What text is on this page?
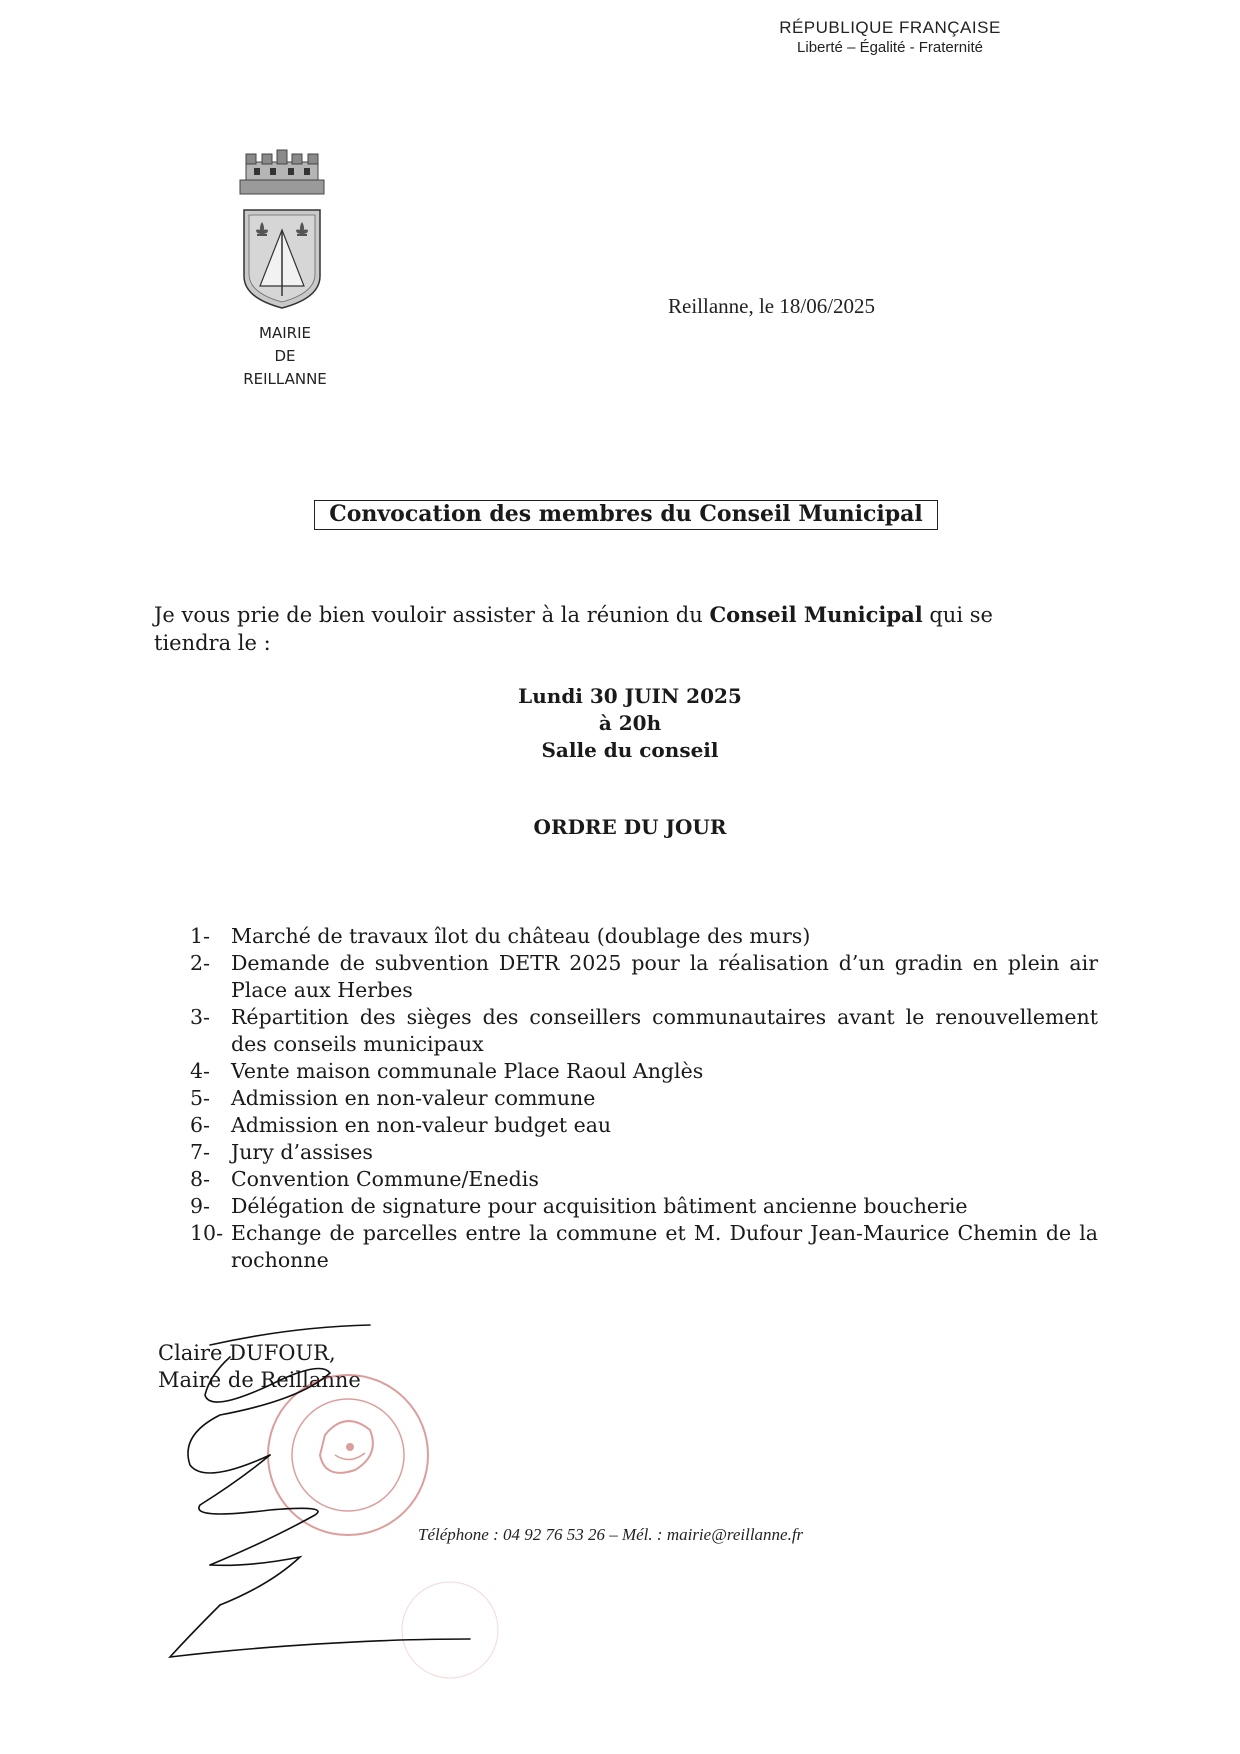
RÉPUBLIQUE FRANÇAISE
Liberté – Égalité - Fraternité
MAIRIE
DE
REILLANNE
Reillanne, le 18/06/2025
Convocation des membres du Conseil Municipal
Je vous prie de bien vouloir assister à la réunion du Conseil Municipal qui se tiendra le :
Lundi 30 JUIN 2025
à 20h
Salle du conseil
ORDRE DU JOUR
1- Marché de travaux îlot du château (doublage des murs)
2- Demande de subvention DETR 2025 pour la réalisation d’un gradin en plein air Place aux Herbes
3- Répartition des sièges des conseillers communautaires avant le renouvellement des conseils municipaux
4- Vente maison communale Place Raoul Anglès
5- Admission en non-valeur commune
6- Admission en non-valeur budget eau
7- Jury d’assises
8- Convention Commune/Enedis
9- Délégation de signature pour acquisition bâtiment ancienne boucherie
10- Echange de parcelles entre la commune et M. Dufour Jean-Maurice Chemin de la rochonne
Claire DUFOUR,
Maire de Reillanne
Téléphone : 04 92 76 53 26 – Mél. : mairie@reillanne.fr
